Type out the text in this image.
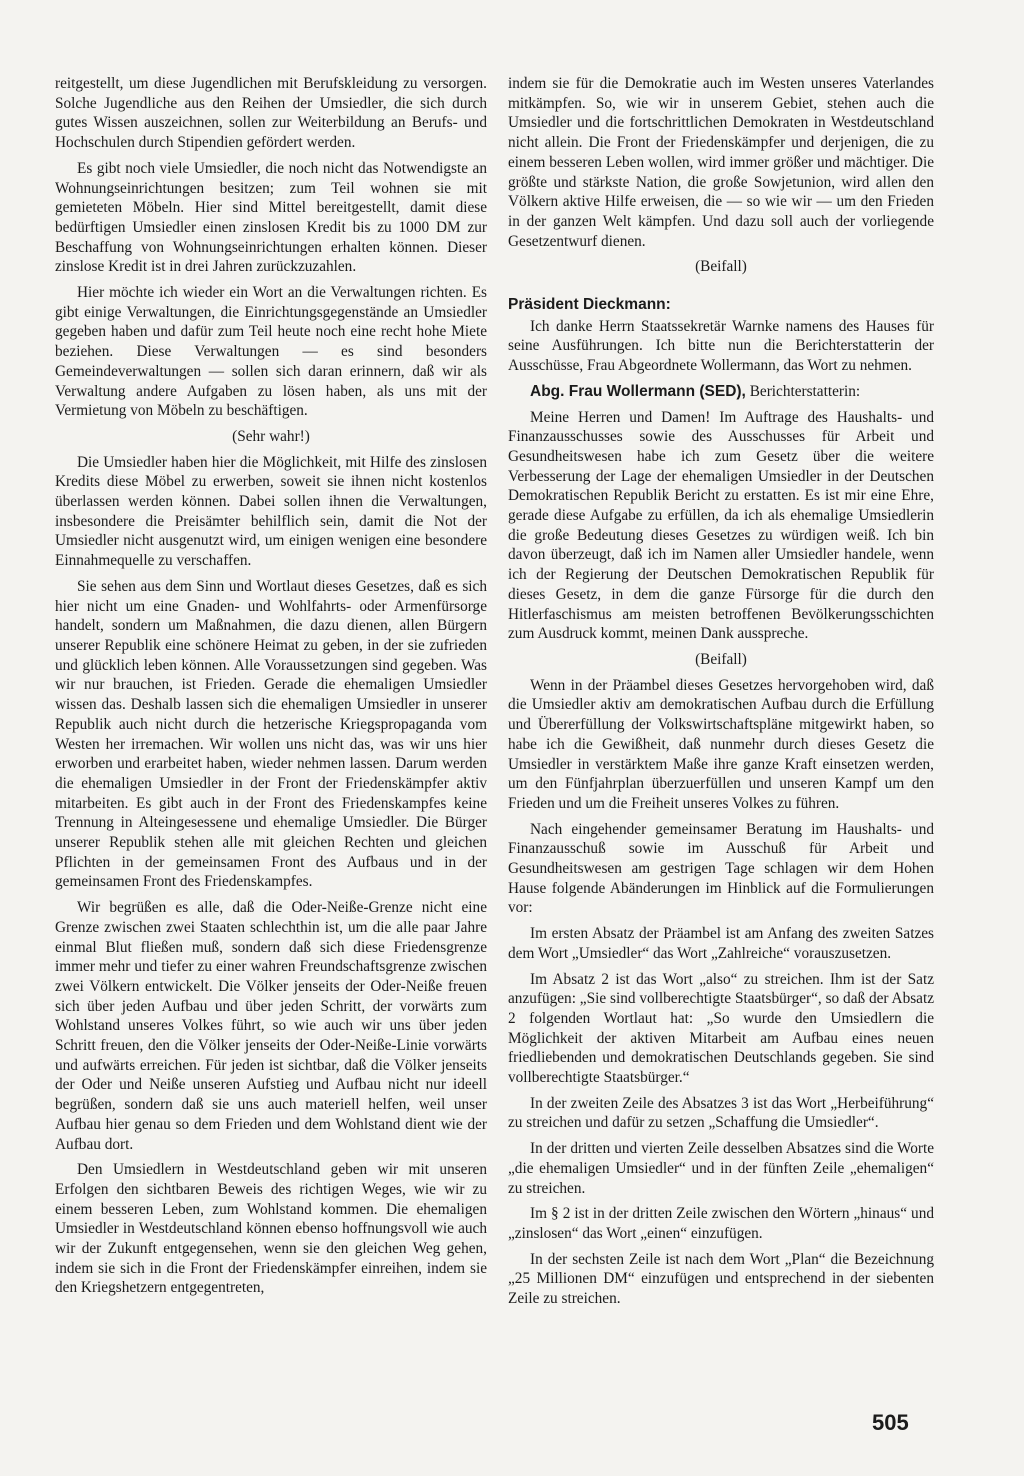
reitgestellt, um diese Jugendlichen mit Berufskleidung zu versorgen. Solche Jugendliche aus den Reihen der Umsiedler, die sich durch gutes Wissen auszeichnen, sollen zur Weiterbildung an Berufs- und Hochschulen durch Stipendien gefördert werden.

Es gibt noch viele Umsiedler, die noch nicht das Notwendigste an Wohnungseinrichtungen besitzen; zum Teil wohnen sie mit gemieteten Möbeln. Hier sind Mittel bereitgestellt, damit diese bedürftigen Umsiedler einen zinslosen Kredit bis zu 1000 DM zur Beschaffung von Wohnungseinrichtungen erhalten können. Dieser zinslose Kredit ist in drei Jahren zurückzuzahlen.

Hier möchte ich wieder ein Wort an die Verwaltungen richten. Es gibt einige Verwaltungen, die Einrichtungsgegenstände an Umsiedler gegeben haben und dafür zum Teil heute noch eine recht hohe Miete beziehen. Diese Verwaltungen — es sind besonders Gemeindeverwaltungen — sollen sich daran erinnern, daß wir als Verwaltung andere Aufgaben zu lösen haben, als uns mit der Vermietung von Möbeln zu beschäftigen.

(Sehr wahr!)

Die Umsiedler haben hier die Möglichkeit, mit Hilfe des zinslosen Kredits diese Möbel zu erwerben, soweit sie ihnen nicht kostenlos überlassen werden können. Dabei sollen ihnen die Verwaltungen, insbesondere die Preisämter behilflich sein, damit die Not der Umsiedler nicht ausgenutzt wird, um einigen wenigen eine besondere Einnahmequelle zu verschaffen.

Sie sehen aus dem Sinn und Wortlaut dieses Gesetzes, daß es sich hier nicht um eine Gnaden- und Wohlfahrts- oder Armenfürsorge handelt, sondern um Maßnahmen, die dazu dienen, allen Bürgern unserer Republik eine schönere Heimat zu geben, in der sie zufrieden und glücklich leben können. Alle Voraussetzungen sind gegeben. Was wir nur brauchen, ist Frieden. Gerade die ehemaligen Umsiedler wissen das. Deshalb lassen sich die ehemaligen Umsiedler in unserer Republik auch nicht durch die hetzerische Kriegspropaganda vom Westen her irremachen. Wir wollen uns nicht das, was wir uns hier erworben und erarbeitet haben, wieder nehmen lassen. Darum werden die ehemaligen Umsiedler in der Front der Friedenskämpfer aktiv mitarbeiten. Es gibt auch in der Front des Friedenskampfes keine Trennung in Alteingesessene und ehemalige Umsiedler. Die Bürger unserer Republik stehen alle mit gleichen Rechten und gleichen Pflichten in der gemeinsamen Front des Aufbaus und in der gemeinsamen Front des Friedenskampfes.

Wir begrüßen es alle, daß die Oder-Neiße-Grenze nicht eine Grenze zwischen zwei Staaten schlechthin ist, um die alle paar Jahre einmal Blut fließen muß, sondern daß sich diese Friedensgrenze immer mehr und tiefer zu einer wahren Freundschaftsgrenze zwischen zwei Völkern entwickelt. Die Völker jenseits der Oder-Neiße freuen sich über jeden Aufbau und über jeden Schritt, der vorwärts zum Wohlstand unseres Volkes führt, so wie auch wir uns über jeden Schritt freuen, den die Völker jenseits der Oder-Neiße-Linie vorwärts und aufwärts erreichen. Für jeden ist sichtbar, daß die Völker jenseits der Oder und Neiße unseren Aufstieg und Aufbau nicht nur ideell begrüßen, sondern daß sie uns auch materiell helfen, weil unser Aufbau hier genau so dem Frieden und dem Wohlstand dient wie der Aufbau dort.

Den Umsiedlern in Westdeutschland geben wir mit unseren Erfolgen den sichtbaren Beweis des richtigen Weges, wie wir zu einem besseren Leben, zum Wohlstand kommen. Die ehemaligen Umsiedler in Westdeutschland können ebenso hoffnungsvoll wie auch wir der Zukunft entgegensehen, wenn sie den gleichen Weg gehen, indem sie sich in die Front der Friedenskämpfer einreihen, indem sie den Kriegshetzern entgegentreten,

indem sie für die Demokratie auch im Westen unseres Vaterlandes mitkämpfen. So, wie wir in unserem Gebiet, stehen auch die Umsiedler und die fortschrittlichen Demokraten in Westdeutschland nicht allein. Die Front der Friedenskämpfer und derjenigen, die zu einem besseren Leben wollen, wird immer größer und mächtiger. Die größte und stärkste Nation, die große Sowjetunion, wird allen den Völkern aktive Hilfe erweisen, die — so wie wir — um den Frieden in der ganzen Welt kämpfen. Und dazu soll auch der vorliegende Gesetzentwurf dienen.

(Beifall)
Präsident Dieckmann:

Ich danke Herrn Staatssekretär Warnke namens des Hauses für seine Ausführungen. Ich bitte nun die Berichterstatterin der Ausschüsse, Frau Abgeordnete Wollermann, das Wort zu nehmen.

Abg. Frau Wollermann (SED), Berichterstatterin:

Meine Herren und Damen! Im Auftrage des Haushalts- und Finanzausschusses sowie des Ausschusses für Arbeit und Gesundheitswesen habe ich zum Gesetz über die weitere Verbesserung der Lage der ehemaligen Umsiedler in der Deutschen Demokratischen Republik Bericht zu erstatten. Es ist mir eine Ehre, gerade diese Aufgabe zu erfüllen, da ich als ehemalige Umsiedlerin die große Bedeutung dieses Gesetzes zu würdigen weiß. Ich bin davon überzeugt, daß ich im Namen aller Umsiedler handele, wenn ich der Regierung der Deutschen Demokratischen Republik für dieses Gesetz, in dem die ganze Fürsorge für die durch den Hitlerfaschismus am meisten betroffenen Bevölkerungsschichten zum Ausdruck kommt, meinen Dank ausspreche.

(Beifall)

Wenn in der Präambel dieses Gesetzes hervorgehoben wird, daß die Umsiedler aktiv am demokratischen Aufbau durch die Erfüllung und Übererfüllung der Volkswirtschaftspläne mitgewirkt haben, so habe ich die Gewißheit, daß nunmehr durch dieses Gesetz die Umsiedler in verstärktem Maße ihre ganze Kraft einsetzen werden, um den Fünfjahrplan überzuerfüllen und unseren Kampf um den Frieden und um die Freiheit unseres Volkes zu führen.

Nach eingehender gemeinsamer Beratung im Haushalts- und Finanzausschuß sowie im Ausschuß für Arbeit und Gesundheitswesen am gestrigen Tage schlagen wir dem Hohen Hause folgende Abänderungen im Hinblick auf die Formulierungen vor:

Im ersten Absatz der Präambel ist am Anfang des zweiten Satzes dem Wort „Umsiedler“ das Wort „Zahlreiche“ vorauszusetzen.

Im Absatz 2 ist das Wort „also“ zu streichen. Ihm ist der Satz anzufügen: „Sie sind vollberechtigte Staatsbürger“, so daß der Absatz 2 folgenden Wortlaut hat: „So wurde den Umsiedlern die Möglichkeit der aktiven Mitarbeit am Aufbau eines neuen friedliebenden und demokratischen Deutschlands gegeben. Sie sind vollberechtigte Staatsbürger.“

In der zweiten Zeile des Absatzes 3 ist das Wort „Herbeiführung“ zu streichen und dafür zu setzen „Schaffung die Umsiedler“.

In der dritten und vierten Zeile desselben Absatzes sind die Worte „die ehemaligen Umsiedler“ und in der fünften Zeile „ehemaligen“ zu streichen.

Im § 2 ist in der dritten Zeile zwischen den Wörtern „hinaus“ und „zinslosen“ das Wort „einen“ einzufügen.

In der sechsten Zeile ist nach dem Wort „Plan“ die Bezeichnung „25 Millionen DM“ einzufügen und entsprechend in der siebenten Zeile zu streichen.

505
